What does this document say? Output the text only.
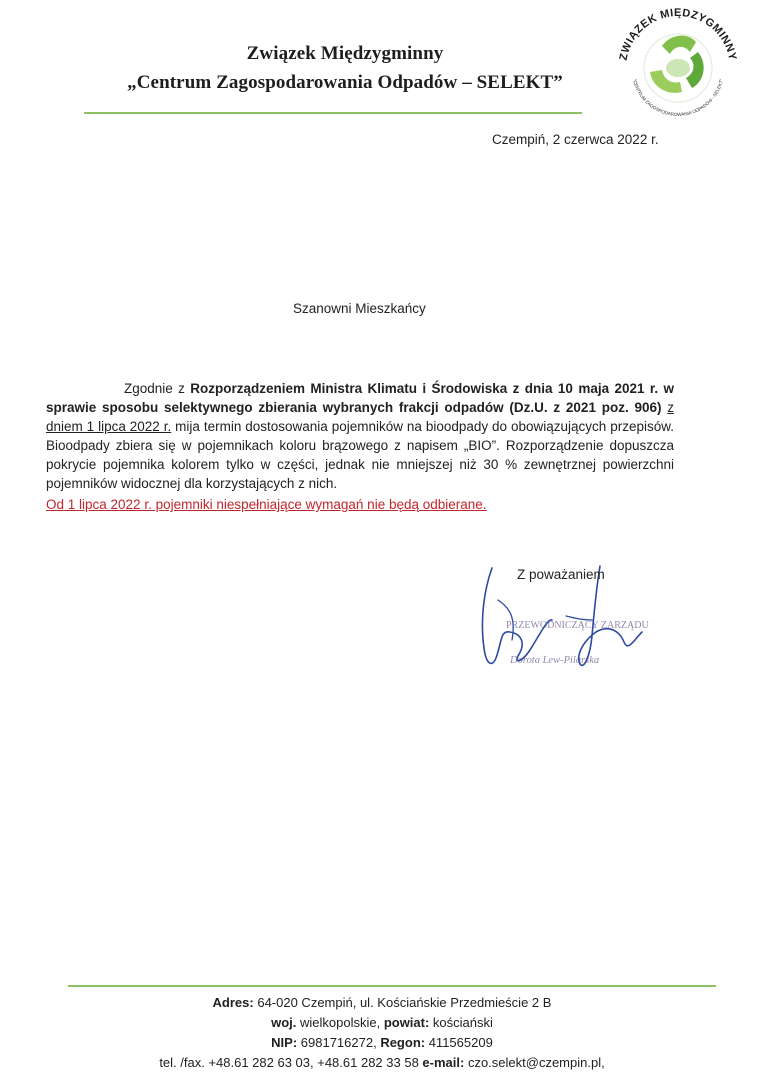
Związek Międzygminny
„Centrum Zagospodarowania Odpadów – SELEKT”
ZWIĄZEK MIĘDZYGMINNY
"CENTRUM ZAGOSPODAROWANIA ODPADÓW - SELEKT"
Czempiń, 2 czerwca 2022 r.
Szanowni Mieszkańcy

Zgodnie z Rozporządzeniem Ministra Klimatu i Środowiska z dnia 10 maja 2021 r. w sprawie sposobu selektywnego zbierania wybranych frakcji odpadów (Dz.U. z 2021 poz. 906) z dniem 1 lipca 2022 r. mija termin dostosowania pojemników na bioodpady do obowiązujących przepisów. Bioodpady zbiera się w pojemnikach koloru brązowego z napisem „BIO”. Rozporządzenie dopuszcza pokrycie pojemnika kolorem tylko w części, jednak nie mniejszej niż 30 % zewnętrznej powierzchni pojemników widocznej dla korzystających z nich.

Od 1 lipca 2022 r. pojemniki niespełniające wymagań nie będą odbierane.
Z poważaniem
PRZEWODNICZĄCY ZARZĄDU
Dorota Lew-Pilarska
Adres: 64-020 Czempiń, ul. Kościańskie Przedmieście 2 B
woj. wielkopolskie, powiat: kościański
NIP: 6981716272, Regon: 411565209
tel. /fax. +48.61 282 63 03, +48.61 282 33 58 e-mail: czo.selekt@czempin.pl,
